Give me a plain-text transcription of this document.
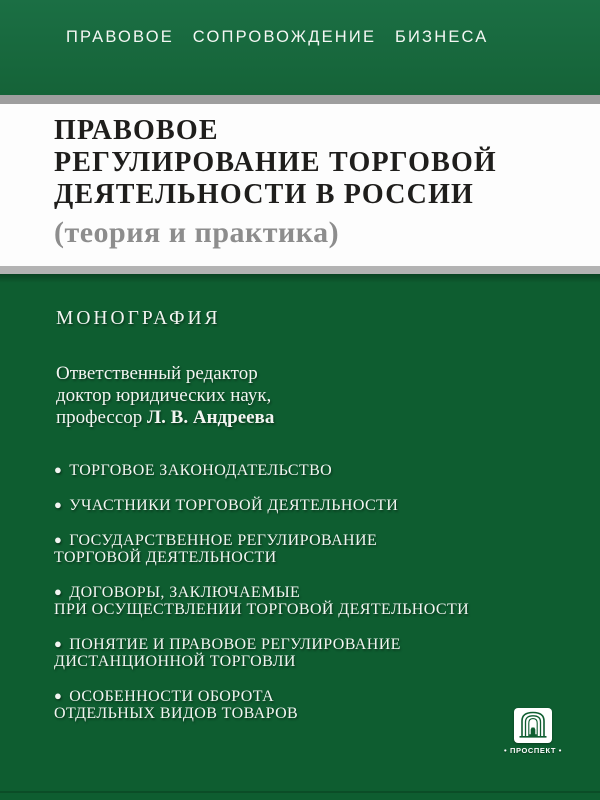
ПРАВОВОЕ СОПРОВОЖДЕНИЕ БИЗНЕСА
ПРАВОВОЕ
РЕГУЛИРОВАНИЕ ТОРГОВОЙ
ДЕЯТЕЛЬНОСТИ В РОССИИ
(теория и практика)
МОНОГРАФИЯ
Ответственный редактор
доктор юридических наук,
профессор Л. В. Андреева
● ТОРГОВОЕ ЗАКОНОДАТЕЛЬСТВО
● УЧАСТНИКИ ТОРГОВОЙ ДЕЯТЕЛЬНОСТИ
● ГОСУДАРСТВЕННОЕ РЕГУЛИРОВАНИЕ
ТОРГОВОЙ ДЕЯТЕЛЬНОСТИ
● ДОГОВОРЫ, ЗАКЛЮЧАЕМЫЕ
ПРИ ОСУЩЕСТВЛЕНИИ ТОРГОВОЙ ДЕЯТЕЛЬНОСТИ
● ПОНЯТИЕ И ПРАВОВОЕ РЕГУЛИРОВАНИЕ
ДИСТАНЦИОННОЙ ТОРГОВЛИ
● ОСОБЕННОСТИ ОБОРОТА
ОТДЕЛЬНЫХ ВИДОВ ТОВАРОВ
• ПРОСПЕКТ •
